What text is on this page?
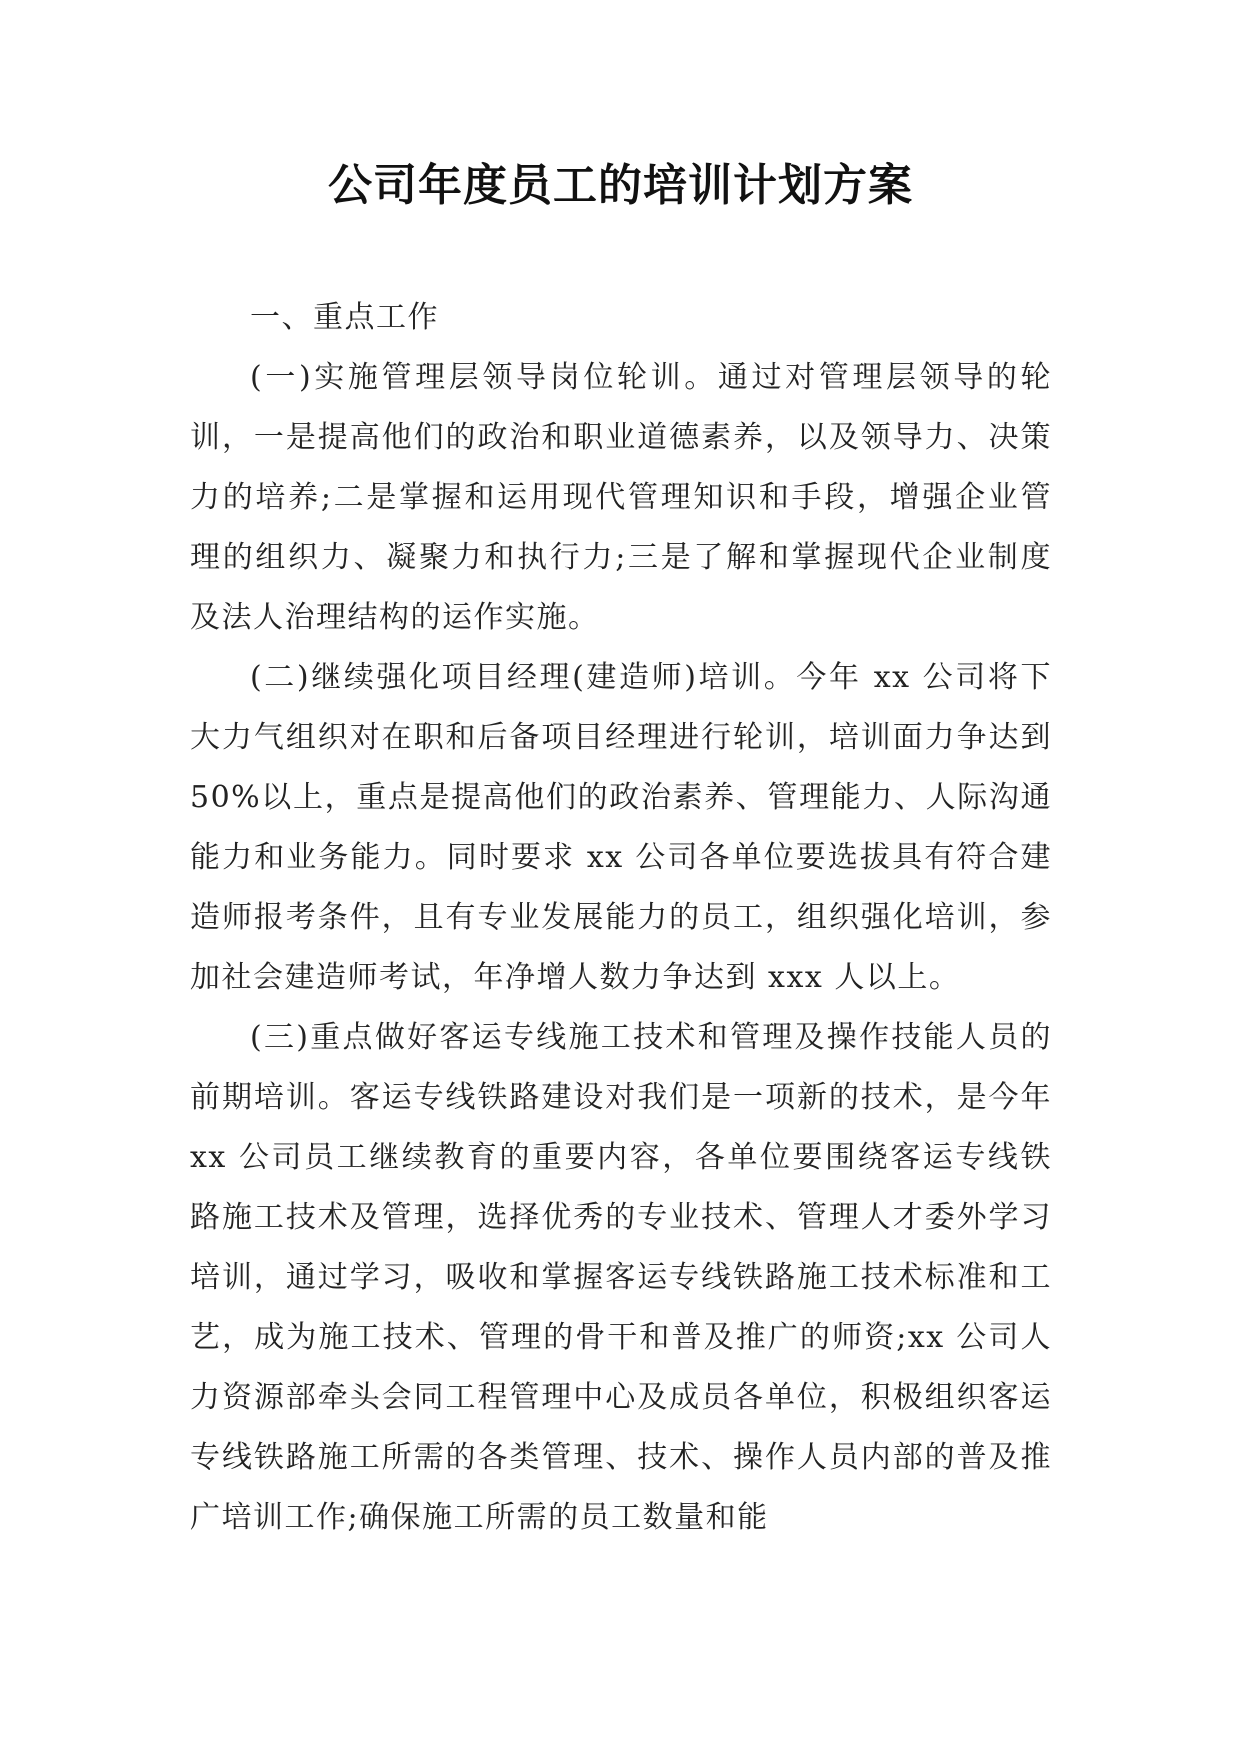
公司年度员工的培训计划方案

一、重点工作

(一)实施管理层领导岗位轮训。通过对管理层领导的轮训，一是提高他们的政治和职业道德素养，以及领导力、决策力的培养;二是掌握和运用现代管理知识和手段，增强企业管理的组织力、凝聚力和执行力;三是了解和掌握现代企业制度及法人治理结构的运作实施。

(二)继续强化项目经理(建造师)培训。今年 xx 公司将下大力气组织对在职和后备项目经理进行轮训，培训面力争达到 50%以上，重点是提高他们的政治素养、管理能力、人际沟通能力和业务能力。同时要求 xx 公司各单位要选拔具有符合建造师报考条件，且有专业发展能力的员工，组织强化培训，参加社会建造师考试，年净增人数力争达到 xxx 人以上。

(三)重点做好客运专线施工技术和管理及操作技能人员的前期培训。客运专线铁路建设对我们是一项新的技术，是今年 xx 公司员工继续教育的重要内容，各单位要围绕客运专线铁路施工技术及管理，选择优秀的专业技术、管理人才委外学习培训，通过学习，吸收和掌握客运专线铁路施工技术标准和工艺，成为施工技术、管理的骨干和普及推广的师资;xx 公司人力资源部牵头会同工程管理中心及成员各单位，积极组织客运专线铁路施工所需的各类管理、技术、操作人员内部的普及推广培训工作;确保施工所需的员工数量和能
